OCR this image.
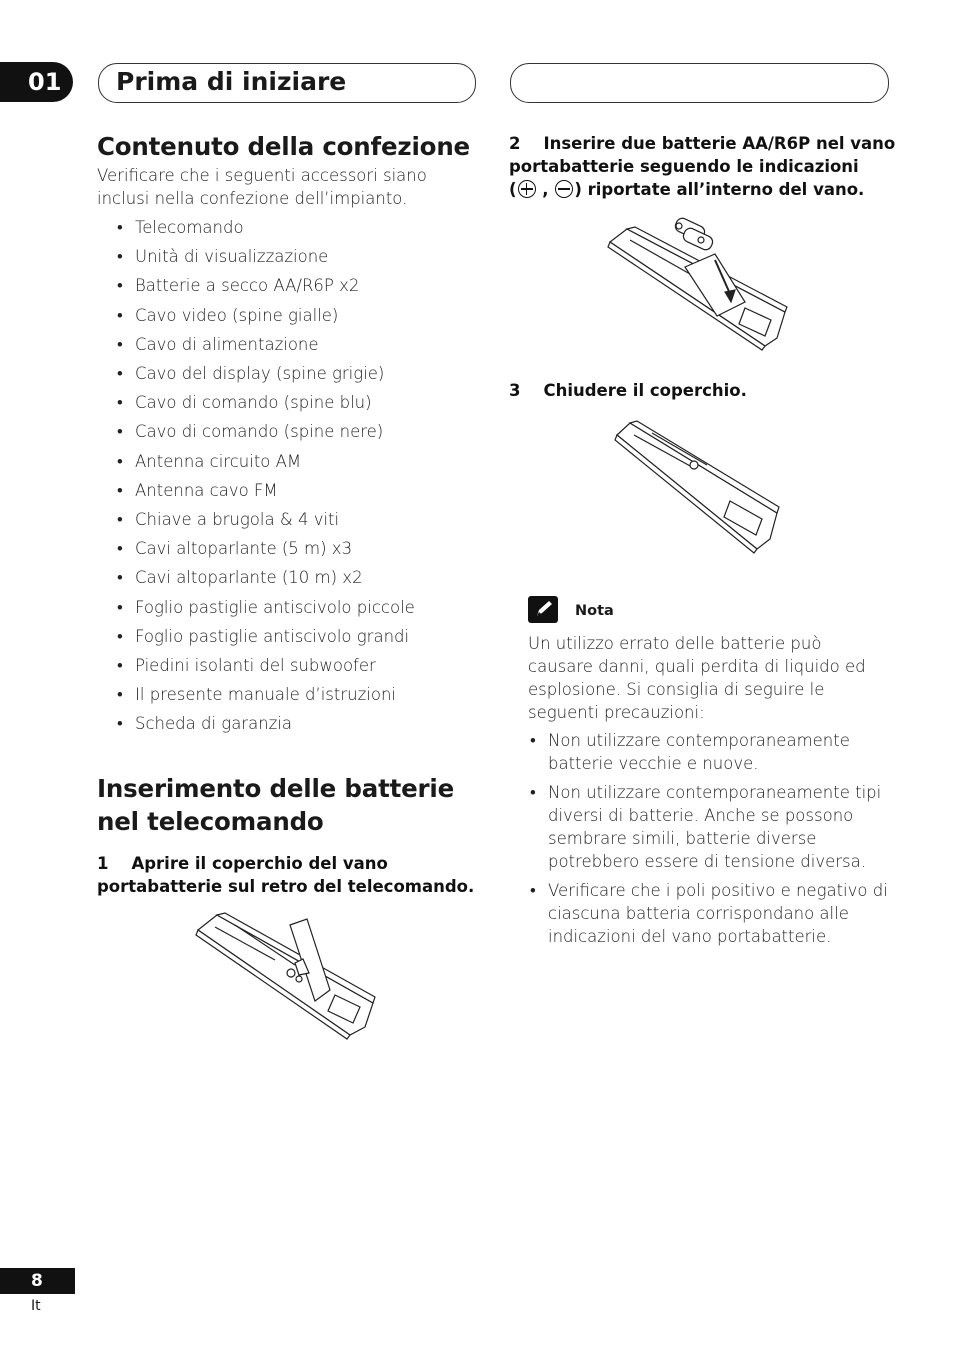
01	Prima di iniziare
Contenuto della confezione
Verificare che i seguenti accessori siano inclusi nella confezione dell’impianto.
• Telecomando
• Unità di visualizzazione
• Batterie a secco AA/R6P x2
• Cavo video (spine gialle)
• Cavo di alimentazione
• Cavo del display (spine grigie)
• Cavo di comando (spine blu)
• Cavo di comando (spine nere)
• Antenna circuito AM
• Antenna cavo FM
• Chiave a brugola & 4 viti
• Cavi altoparlante (5 m) x3
• Cavi altoparlante (10 m) x2
• Foglio pastiglie antiscivolo piccole
• Foglio pastiglie antiscivolo grandi
• Piedini isolanti del subwoofer
• Il presente manuale d’istruzioni
• Scheda di garanzia
Inserimento delle batterie
nel telecomando
1    Aprire il coperchio del vano
portabatterie sul retro del telecomando.
2    Inserire due batterie AA/R6P nel vano
portabatterie seguendo le indicazioni
( , ) riportate all’interno del vano.
3    Chiudere il coperchio.
Nota
Un utilizzo errato delle batterie può causare danni, quali perdita di liquido ed esplosione. Si consiglia di seguire le seguenti precauzioni:
• Non utilizzare contemporaneamente batterie vecchie e nuove.
• Non utilizzare contemporaneamente tipi diversi di batterie. Anche se possono sembrare simili, batterie diverse potrebbero essere di tensione diversa.
• Verificare che i poli positivo e negativo di ciascuna batteria corrispondano alle indicazioni del vano portabatterie.
8
It
